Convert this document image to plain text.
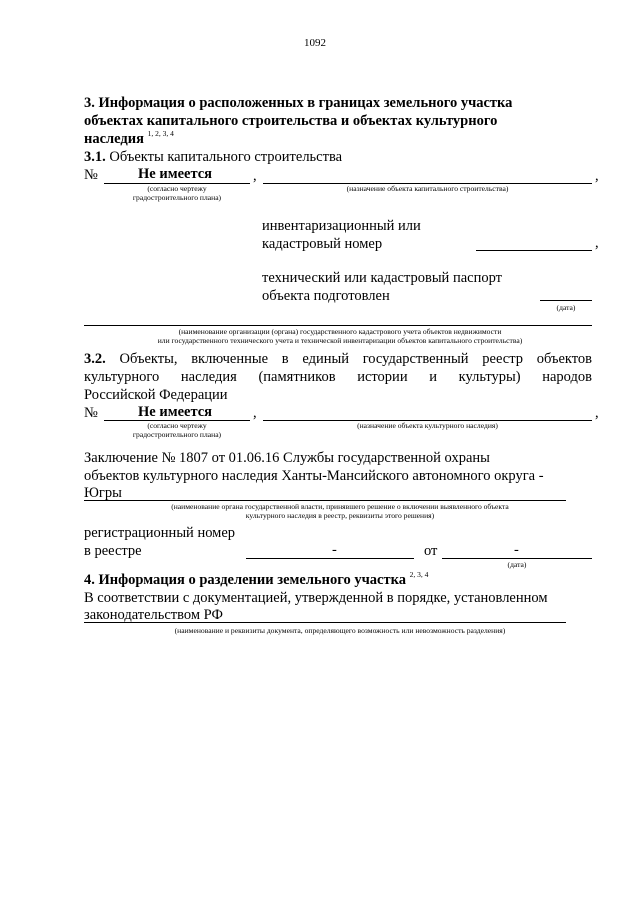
1092
3. Информация о расположенных в границах земельного участка
объектах капитального строительства и объектах культурного
наследия $^{1, 2, 3, 4}$
3.1. Объекты капитального строительства
№	Не имеется	,	,
(согласно чертежу
градостроительного плана)
(назначение объекта капитального строительства)
инвентаризационный или
кадастровый номер	,
технический или кадастровый паспорт
объекта подготовлен
(дата)
(наименование организации (органа) государственного кадастрового учета объектов недвижимости
или государственного технического учета и технической инвентаризации объектов капитального строительства)
3.2. Объекты, включенные в единый государственный реестр объектов
культурного наследия (памятников истории и культуры) народов
Российской Федерации
№	Не имеется	,	,
(согласно чертежу
градостроительного плана)
(назначение объекта культурного наследия)
Заключение № 1807 от 01.06.16 Службы государственной охраны
объектов культурного наследия Ханты-Мансийского автономного округа -
Югры
(наименование органа государственной власти, принявшего решение о включении выявленного объекта
культурного наследия в реестр, реквизиты этого решения)
регистрационный номер
в реестре	-	от	-
(дата)
4. Информация о разделении земельного участка $^{2, 3, 4}$
В соответствии с документацией, утвержденной в порядке, установленном
законодательством РФ
(наименование и реквизиты документа, определяющего возможность или невозможность разделения)
